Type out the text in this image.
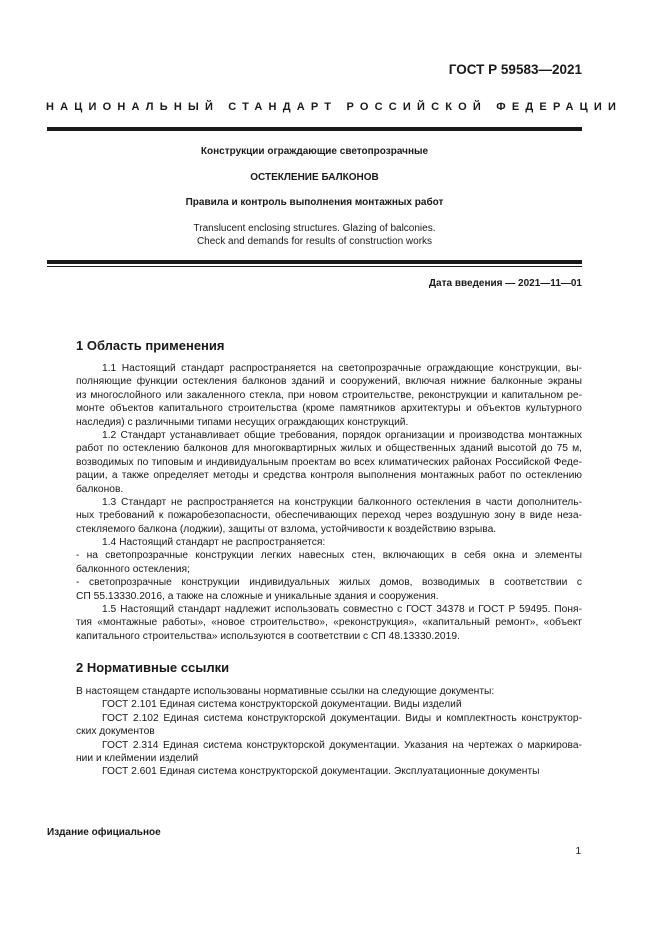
ГОСТ Р 59583—2021
НАЦИОНАЛЬНЫЙ СТАНДАРТ РОССИЙСКОЙ ФЕДЕРАЦИИ
Конструкции ограждающие светопрозрачные
ОСТЕКЛЕНИЕ БАЛКОНОВ
Правила и контроль выполнения монтажных работ
Translucent enclosing structures. Glazing of balconies.
Check and demands for results of construction works
Дата введения — 2021—11—01
1 Область применения
1.1 Настоящий стандарт распространяется на светопрозрачные ограждающие конструкции, вы-
полняющие функции остекления балконов зданий и сооружений, включая нижние балконные экраны
из многослойного или закаленного стекла, при новом строительстве, реконструкции и капитальном ре-
монте объектов капитального строительства (кроме памятников архитектуры и объектов культурного
наследия) с различными типами несущих ограждающих конструкций.
1.2 Стандарт устанавливает общие требования, порядок организации и производства монтажных
работ по остеклению балконов для многоквартирных жилых и общественных зданий высотой до 75 м,
возводимых по типовым и индивидуальным проектам во всех климатических районах Российской Феде-
рации, а также определяет методы и средства контроля выполнения монтажных работ по остеклению
балконов.
1.3 Стандарт не распространяется на конструкции балконного остекления в части дополнитель-
ных требований к пожаробезопасности, обеспечивающих переход через воздушную зону в виде неза-
стекляемого балкона (лоджии), защиты от взлома, устойчивости к воздействию взрыва.
1.4 Настоящий стандарт не распространяется:
- на светопрозрачные конструкции легких навесных стен, включающих в себя окна и элементы
балконного остекления;
- светопрозрачные конструкции индивидуальных жилых домов, возводимых в соответствии с
СП 55.13330.2016, а также на сложные и уникальные здания и сооружения.
1.5 Настоящий стандарт надлежит использовать совместно с ГОСТ 34378 и ГОСТ Р 59495. Поня-
тия «монтажные работы», «новое строительство», «реконструкция», «капитальный ремонт», «объект
капитального строительства» используются в соответствии с СП 48.13330.2019.
2 Нормативные ссылки
В настоящем стандарте использованы нормативные ссылки на следующие документы:
ГОСТ 2.101 Единая система конструкторской документации. Виды изделий
ГОСТ 2.102 Единая система конструкторской документации. Виды и комплектность конструктор-
ских документов
ГОСТ 2.314 Единая система конструкторской документации. Указания на чертежах о маркирова-
нии и клеймении изделий
ГОСТ 2.601 Единая система конструкторской документации. Эксплуатационные документы
Издание официальное
1
